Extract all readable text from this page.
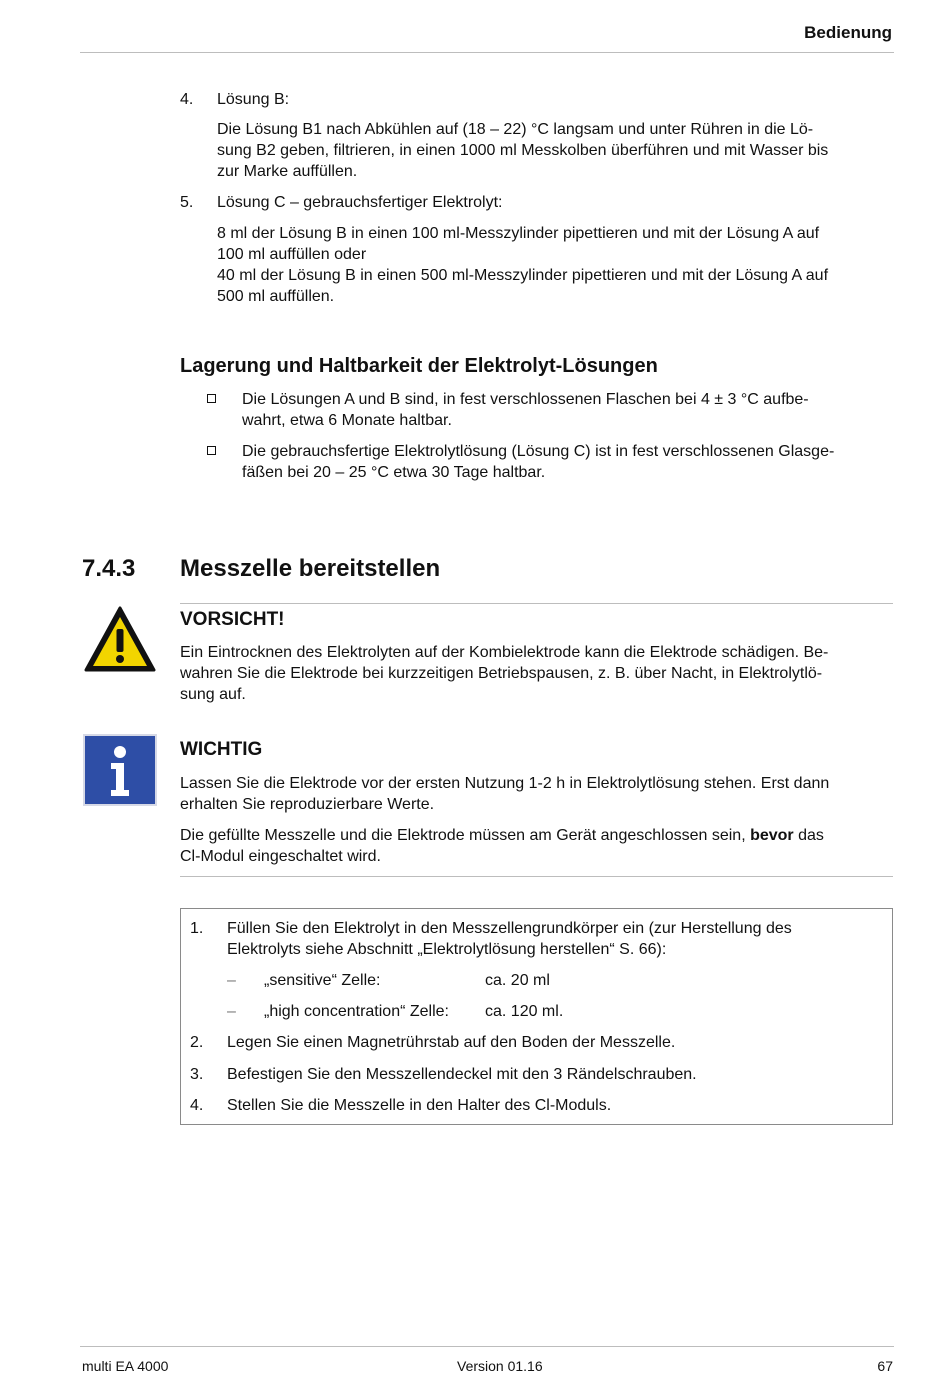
Bedienung
4.	Lösung B:
Die Lösung B1 nach Abkühlen auf (18 – 22) °C langsam und unter Rühren in die Lö-
sung B2 geben, filtrieren, in einen 1000 ml Messkolben überführen und mit Wasser bis
zur Marke auffüllen.
5.	Lösung C – gebrauchsfertiger Elektrolyt:
8 ml der Lösung B in einen 100 ml-Messzylinder pipettieren und mit der Lösung A auf
100 ml auffüllen oder
40 ml der Lösung B in einen 500 ml-Messzylinder pipettieren und mit der Lösung A auf
500 ml auffüllen.
Lagerung und Haltbarkeit der Elektrolyt-Lösungen
Die Lösungen A und B sind, in fest verschlossenen Flaschen bei 4 ± 3 °C aufbe-
wahrt, etwa 6 Monate haltbar.
Die gebrauchsfertige Elektrolytlösung (Lösung C) ist in fest verschlossenen Glasge-
fäßen bei 20 – 25 °C etwa 30 Tage haltbar.
7.4.3 Messzelle bereitstellen
VORSICHT!
Ein Eintrocknen des Elektrolyten auf der Kombielektrode kann die Elektrode schädigen. Be-
wahren Sie die Elektrode bei kurzzeitigen Betriebspausen, z. B. über Nacht, in Elektrolytlö-
sung auf.
WICHTIG
Lassen Sie die Elektrode vor der ersten Nutzung 1-2 h in Elektrolytlösung stehen. Erst dann
erhalten Sie reproduzierbare Werte.
Die gefüllte Messzelle und die Elektrode müssen am Gerät angeschlossen sein, bevor das
Cl-Modul eingeschaltet wird.
1.	Füllen Sie den Elektrolyt in den Messzellengrundkörper ein (zur Herstellung des
Elektrolyts siehe Abschnitt „Elektrolytlösung herstellen“ S. 66):
– „sensitive“ Zelle:	ca. 20 ml
– „high concentration“ Zelle: ca. 120 ml.
2.	Legen Sie einen Magnetrührstab auf den Boden der Messzelle.
3.	Befestigen Sie den Messzellendeckel mit den 3 Rändelschrauben.
4.	Stellen Sie die Messzelle in den Halter des Cl-Moduls.
multi EA 4000	Version 01.16	67
